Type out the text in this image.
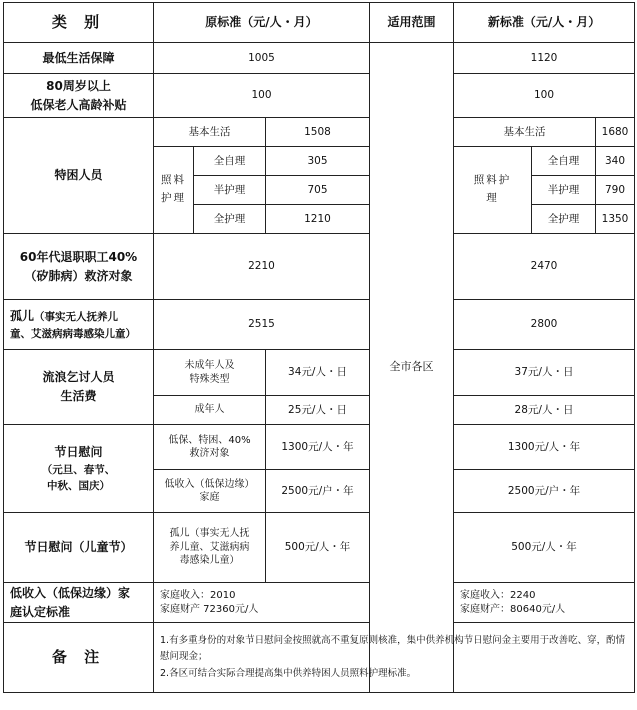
类 别	原标准（元/人・月）			适用范围	新标准（元/人・月）		
最低生活保障	1005			全市各区	1120		

80周岁以上
低保老人高龄补贴	100				100		
特困人员	基本生活		1508		基本生活		1680
	照料护理	全自理	305		照料护理	全自理	340
		半护理	705			半护理	790
		全护理	1210			全护理	1350

60年代退职职工40%
（矽肺病）救济对象	2210				2470		
孤儿（事实无人抚养儿
童、艾滋病病毒感染儿童）	2515				2800		

流浪乞讨人员
生活费	未成年人及
特殊类型		34元/人・日		37元/人・日		
	成年人		25元/人・日		28元/人・日		

节日慰问
（元旦、春节、
中秋、国庆）	低保、特困、40%
救济对象		1300元/人・年		1300元/人・年		

	低收入（低保边缘）
家庭		2500元/户・年		2500元/户・年		
节日慰问（儿童节）	孤儿（事实无人抚
养儿童、艾滋病病
毒感染儿童）		500元/人・年		500元/人・年		

低收入（低保边缘）家
庭认定标准	家庭收入：2010
家庭财产 72360元/人				家庭收入：2240
家庭财产：80640元/人		

备 注	1.有多重身份的对象节日慰问金按照就高不重复原则核准，集中供养机构节日慰问金主要用于改善吃、穿，酌情慰问现金；
2.各区可结合实际合理提高集中供养特困人员照料护理标准。						
